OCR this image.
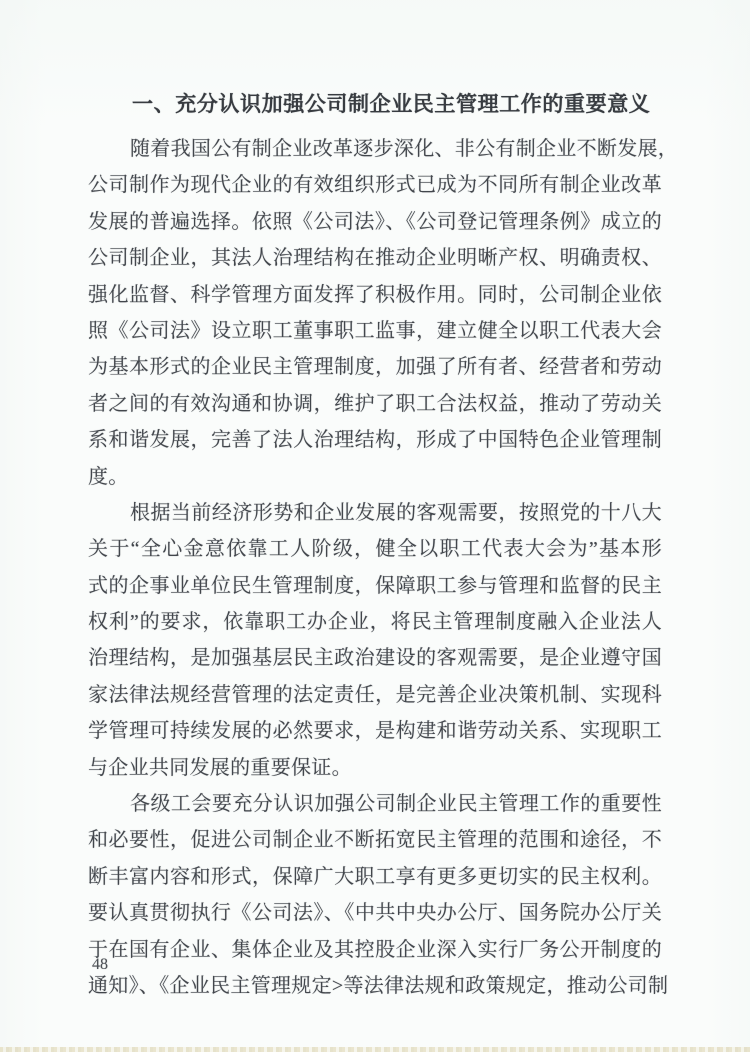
一、充分认识加强公司制企业民主管理工作的重要意义
随着我国公有制企业改革逐步深化、非公有制企业不断发展，
公司制作为现代企业的有效组织形式已成为不同所有制企业改革
发展的普遍选择。依照《公司法》、《公司登记管理条例》成立的
公司制企业，其法人治理结构在推动企业明晰产权、明确责权、
强化监督、科学管理方面发挥了积极作用。同时，公司制企业依
照《公司法》设立职工董事职工监事，建立健全以职工代表大会
为基本形式的企业民主管理制度，加强了所有者、经营者和劳动
者之间的有效沟通和协调，维护了职工合法权益，推动了劳动关
系和谐发展，完善了法人治理结构，形成了中国特色企业管理制
度。
根据当前经济形势和企业发展的客观需要，按照党的十八大
关于“全心金意依靠工人阶级，健全以职工代表大会为”基本形
式的企事业单位民生管理制度，保障职工参与管理和监督的民主
权利”的要求，依靠职工办企业，将民主管理制度融入企业法人
治理结构，是加强基层民主政治建设的客观需要，是企业遵守国
家法律法规经营管理的法定责任，是完善企业决策机制、实现科
学管理可持续发展的必然要求，是构建和谐劳动关系、实现职工
与企业共同发展的重要保证。
各级工会要充分认识加强公司制企业民主管理工作的重要性
和必要性，促进公司制企业不断拓宽民主管理的范围和途径，不
断丰富内容和形式，保障广大职工享有更多更切实的民主权利。
要认真贯彻执行《公司法》、《中共中央办公厅、国务院办公厅关
于在国有企业、集体企业及其控股企业深入实行厂务公开制度的
通知》、《企业民主管理规定>等法律法规和政策规定，推动公司制
48
